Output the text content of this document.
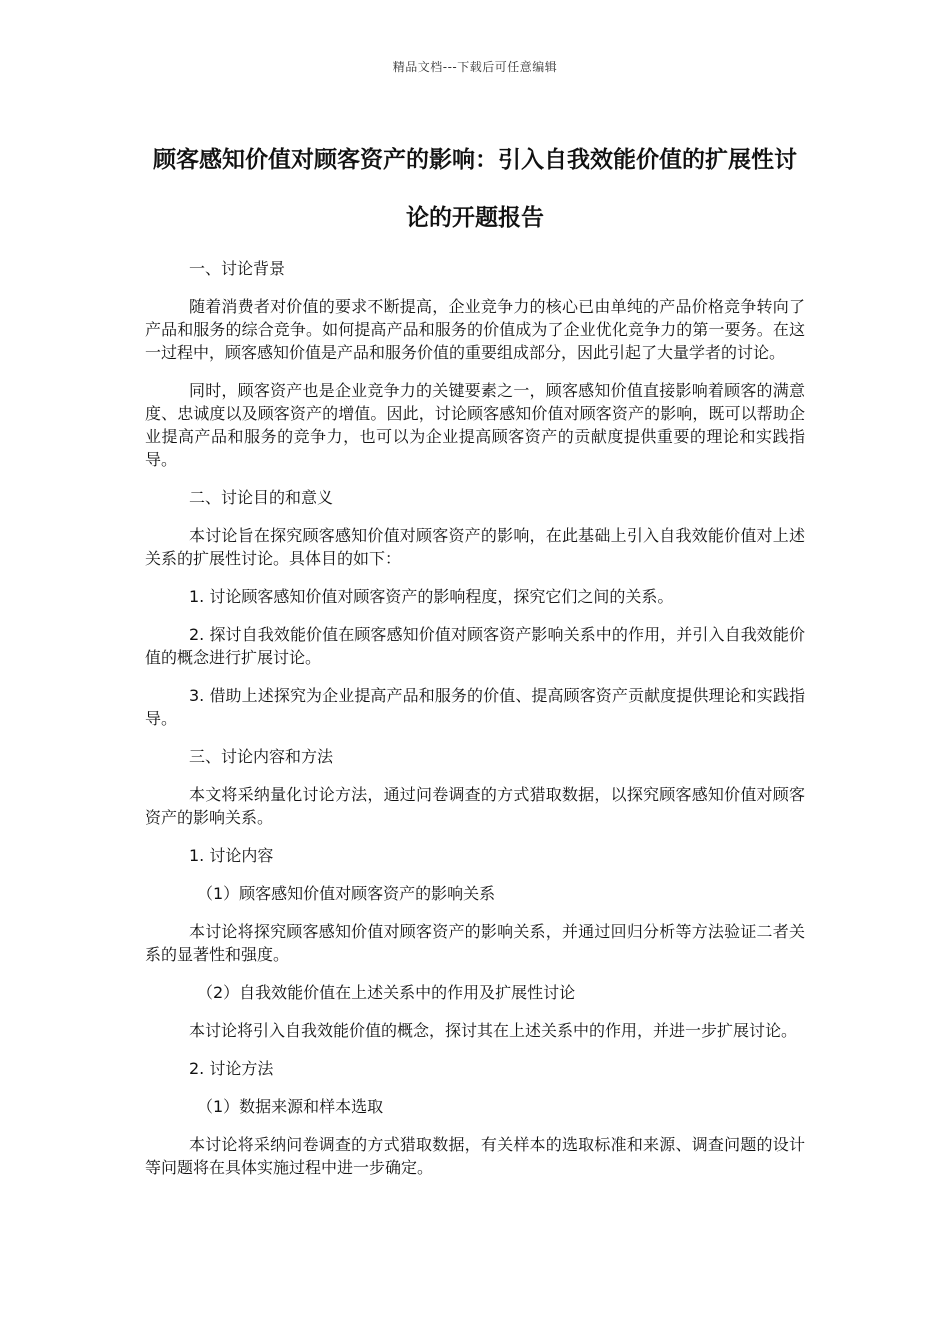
精品文档---下载后可任意编辑
顾客感知价值对顾客资产的影响：引入自我效能价值的扩展性讨论的开题报告

一、讨论背景

随着消费者对价值的要求不断提高，企业竞争力的核心已由单纯的产品价格竞争转向了产品和服务的综合竞争。如何提高产品和服务的价值成为了企业优化竞争力的第一要务。在这一过程中，顾客感知价值是产品和服务价值的重要组成部分，因此引起了大量学者的讨论。

同时，顾客资产也是企业竞争力的关键要素之一，顾客感知价值直接影响着顾客的满意度、忠诚度以及顾客资产的增值。因此，讨论顾客感知价值对顾客资产的影响，既可以帮助企业提高产品和服务的竞争力，也可以为企业提高顾客资产的贡献度提供重要的理论和实践指导。

二、讨论目的和意义

本讨论旨在探究顾客感知价值对顾客资产的影响，在此基础上引入自我效能价值对上述关系的扩展性讨论。具体目的如下：

1. 讨论顾客感知价值对顾客资产的影响程度，探究它们之间的关系。

2. 探讨自我效能价值在顾客感知价值对顾客资产影响关系中的作用，并引入自我效能价值的概念进行扩展讨论。

3. 借助上述探究为企业提高产品和服务的价值、提高顾客资产贡献度提供理论和实践指导。

三、讨论内容和方法

本文将采纳量化讨论方法，通过问卷调查的方式猎取数据，以探究顾客感知价值对顾客资产的影响关系。

1. 讨论内容

（1）顾客感知价值对顾客资产的影响关系

本讨论将探究顾客感知价值对顾客资产的影响关系，并通过回归分析等方法验证二者关系的显著性和强度。

（2）自我效能价值在上述关系中的作用及扩展性讨论

本讨论将引入自我效能价值的概念，探讨其在上述关系中的作用，并进一步扩展讨论。

2. 讨论方法

（1）数据来源和样本选取

本讨论将采纳问卷调查的方式猎取数据，有关样本的选取标准和来源、调查问题的设计等问题将在具体实施过程中进一步确定。
